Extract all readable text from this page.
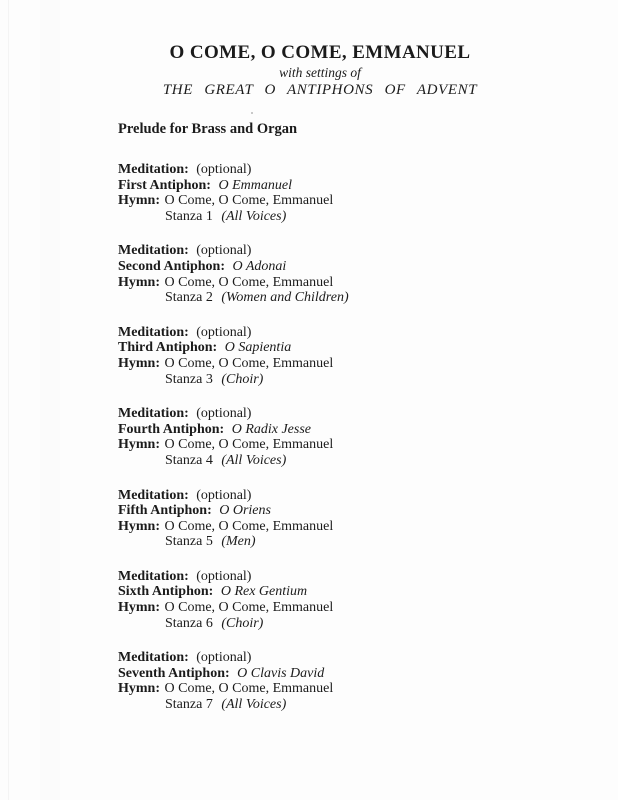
O COME, O COME, EMMANUEL
with settings of
THE GREAT O ANTIPHONS OF ADVENT
Prelude for Brass and Organ
Meditation: (optional)
First Antiphon: O Emmanuel
Hymn: O Come, O Come, Emmanuel
Stanza 1 (All Voices)
Meditation: (optional)
Second Antiphon: O Adonai
Hymn: O Come, O Come, Emmanuel
Stanza 2 (Women and Children)
Meditation: (optional)
Third Antiphon: O Sapientia
Hymn: O Come, O Come, Emmanuel
Stanza 3 (Choir)
Meditation: (optional)
Fourth Antiphon: O Radix Jesse
Hymn: O Come, O Come, Emmanuel
Stanza 4 (All Voices)
Meditation: (optional)
Fifth Antiphon: O Oriens
Hymn: O Come, O Come, Emmanuel
Stanza 5 (Men)
Meditation: (optional)
Sixth Antiphon: O Rex Gentium
Hymn: O Come, O Come, Emmanuel
Stanza 6 (Choir)
Meditation: (optional)
Seventh Antiphon: O Clavis David
Hymn: O Come, O Come, Emmanuel
Stanza 7 (All Voices)
